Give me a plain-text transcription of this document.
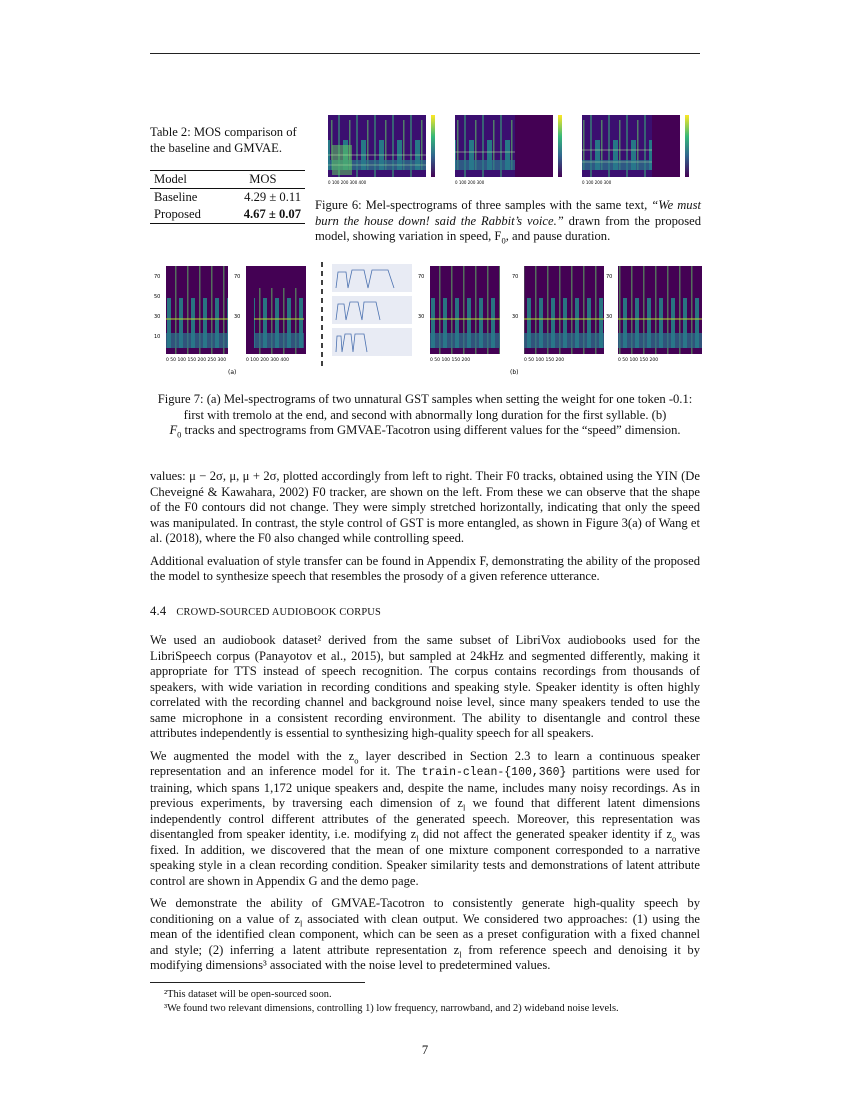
Table 2: MOS comparison of the baseline and GMVAE.
Model	MOS
Baseline	4.29 ± 0.11
Proposed	4.67 ± 0.07
0 100 200 300 400	0 100 200 300	0 100 200 300
Figure 6: Mel-spectrograms of three samples with the same text, “We must burn the house down! said the Rabbit’s voice.” drawn from the proposed model, showing variation in speed, $F_0$, and pause duration.
70
50
30
10
0 50 100 150 200 250 300
70
30
0 100 200 300 400
(a)
70
30
0 50 100 150 200
70
30
0 50 100 150 200
70
30
0 50 100 150 200
(b)
Figure 7: (a) Mel-spectrograms of two unnatural GST samples when setting the weight for one token -0.1: first with tremolo at the end, and second with abnormally long duration for the first syllable. (b)
$F_0$ tracks and spectrograms from GMVAE-Tacotron using different values for the “speed” dimension.

values: μ − 2σ, μ, μ + 2σ, plotted accordingly from left to right. Their F0 tracks, obtained using the YIN (De Cheveigné & Kawahara, 2002) F0 tracker, are shown on the left. From these we can observe that the shape of the F0 contours did not change. They were simply stretched horizontally, indicating that only the speed was manipulated. In contrast, the style control of GST is more entangled, as shown in Figure 3(a) of Wang et al. (2018), where the F0 also changed while controlling speed.

Additional evaluation of style transfer can be found in Appendix F, demonstrating the ability of the proposed the model to synthesize speech that resembles the prosody of a given reference utterance.

4.4 CROWD-SOURCED AUDIOBOOK CORPUS

We used an audiobook dataset² derived from the same subset of LibriVox audiobooks used for the LibriSpeech corpus (Panayotov et al., 2015), but sampled at 24kHz and segmented differently, making it appropriate for TTS instead of speech recognition. The corpus contains recordings from thousands of speakers, with wide variation in recording conditions and speaking style. Speaker identity is often highly correlated with the recording channel and background noise level, since many speakers tended to use the same microphone in a consistent recording environment. The ability to disentangle and control these attributes independently is essential to synthesizing high-quality speech for all speakers.

We augmented the model with the $z_o$ layer described in Section 2.3 to learn a continuous speaker representation and an inference model for it. The train-clean-{100,360} partitions were used for training, which spans 1,172 unique speakers and, despite the name, includes many noisy recordings. As in previous experiments, by traversing each dimension of $z_l$ we found that different latent dimensions independently control different attributes of the generated speech. Moreover, this representation was disentangled from speaker identity, i.e. modifying $z_l$ did not affect the generated speaker identity if $z_o$ was fixed. In addition, we discovered that the mean of one mixture component corresponded to a narrative speaking style in a clean recording condition. Speaker similarity tests and demonstrations of latent attribute control are shown in Appendix G and the demo page.

We demonstrate the ability of GMVAE-Tacotron to consistently generate high-quality speech by conditioning on a value of $z_l$ associated with clean output. We considered two approaches: (1) using the mean of the identified clean component, which can be seen as a preset configuration with a fixed channel and style; (2) inferring a latent attribute representation $z_l$ from reference speech and denoising it by modifying dimensions³ associated with the noise level to predetermined values.

²This dataset will be open-sourced soon.
³We found two relevant dimensions, controlling 1) low frequency, narrowband, and 2) wideband noise levels.
7
